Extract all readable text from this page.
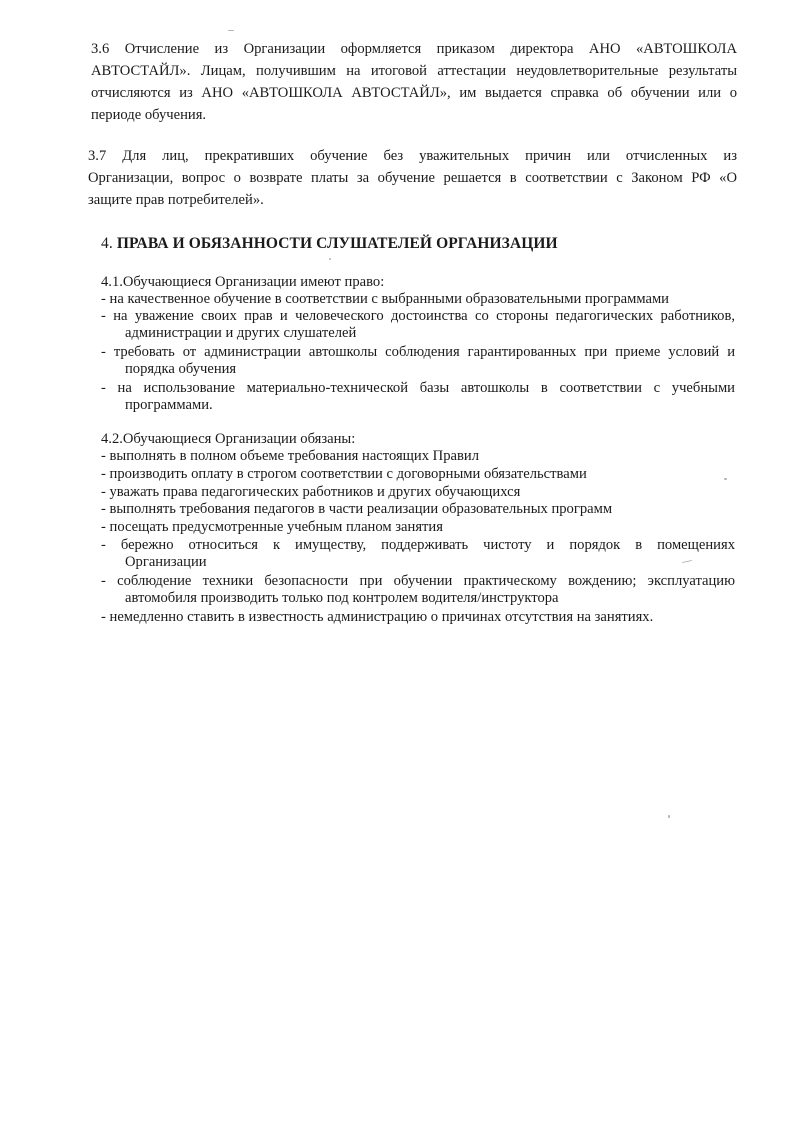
3.6 Отчисление из Организации оформляется приказом директора АНО «АВТОШКОЛА
АВТОСТАЙЛ». Лицам, получившим на итоговой аттестации неудовлетворительные результаты
отчисляются из АНО «АВТОШКОЛА АВТОСТАЙЛ», им выдается справка об обучении или о
периоде обучения.
3.7 Для лиц, прекративших обучение без уважительных причин или отчисленных из
Организации, вопрос о возврате платы за обучение решается в соответствии с Законом РФ «О
защите прав потребителей».
4. ПРАВА И ОБЯЗАННОСТИ СЛУШАТЕЛЕЙ ОРГАНИЗАЦИИ
4.1.Обучающиеся Организации имеют право:
- на качественное обучение в соответствии с выбранными образовательными программами
- на уважение своих прав и человеческого достоинства со стороны педагогических работников,
администрации и других слушателей
- требовать от администрации автошколы соблюдения гарантированных при приеме условий и
порядка обучения
- на использование материально-технической базы автошколы в соответствии с учебными
программами.
4.2.Обучающиеся Организации обязаны:
- выполнять в полном объеме требования настоящих Правил
- производить оплату в строгом соответствии с договорными обязательствами
- уважать права педагогических работников и других обучающихся
- выполнять требования педагогов в части реализации образовательных программ
- посещать предусмотренные учебным планом занятия
- бережно относиться к имуществу, поддерживать чистоту и порядок в помещениях
Организации
- соблюдение техники безопасности при обучении практическому вождению; эксплуатацию
автомобиля производить только под контролем водителя/инструктора
- немедленно ставить в известность администрацию о причинах отсутствия на занятиях.
